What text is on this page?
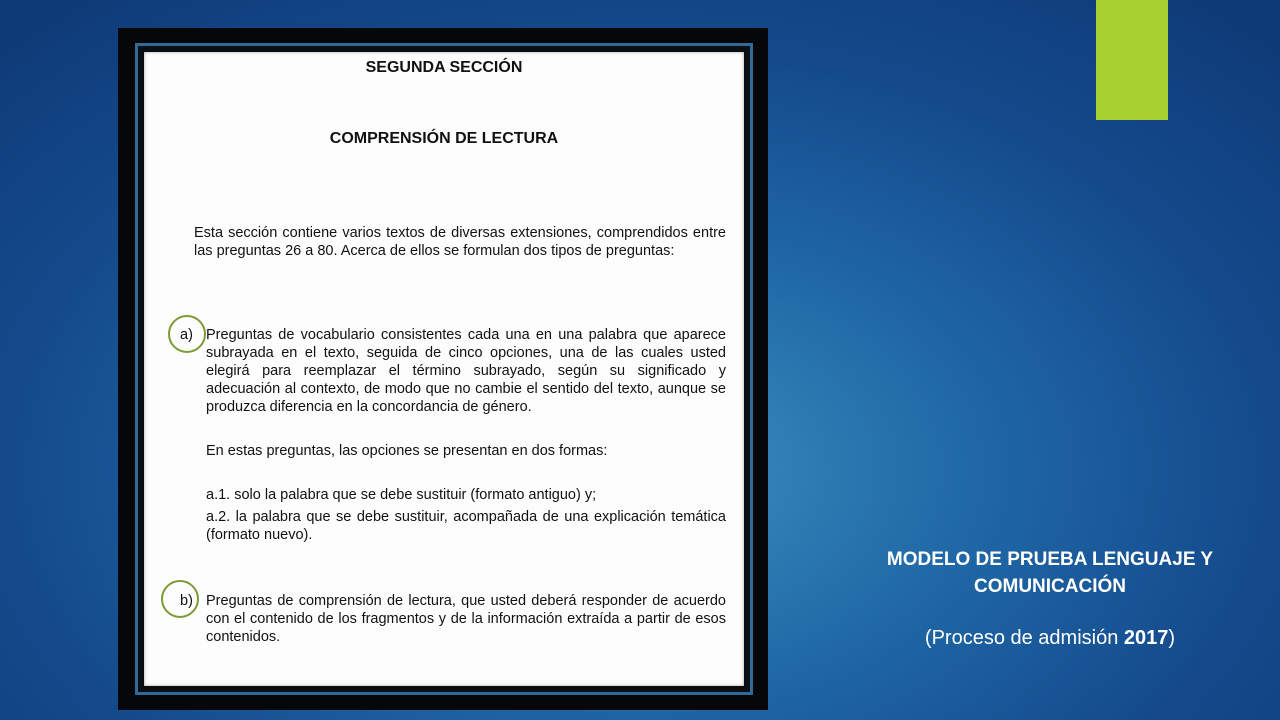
SEGUNDA SECCIÓN
COMPRENSIÓN DE LECTURA
Esta sección contiene varios textos de diversas extensiones, comprendidos entre las preguntas 26 a 80. Acerca de ellos se formulan dos tipos de preguntas:
a) Preguntas de vocabulario consistentes cada una en una palabra que aparece subrayada en el texto, seguida de cinco opciones, una de las cuales usted elegirá para reemplazar el término subrayado, según su significado y adecuación al contexto, de modo que no cambie el sentido del texto, aunque se produzca diferencia en la concordancia de género.
En estas preguntas, las opciones se presentan en dos formas:
a.1. solo la palabra que se debe sustituir (formato antiguo) y;
a.2. la palabra que se debe sustituir, acompañada de una explicación temática (formato nuevo).
b) Preguntas de comprensión de lectura, que usted deberá responder de acuerdo con el contenido de los fragmentos y de la información extraída a partir de esos contenidos.
MODELO DE PRUEBA LENGUAJE Y COMUNICACIÓN
(Proceso de admisión 2017)
